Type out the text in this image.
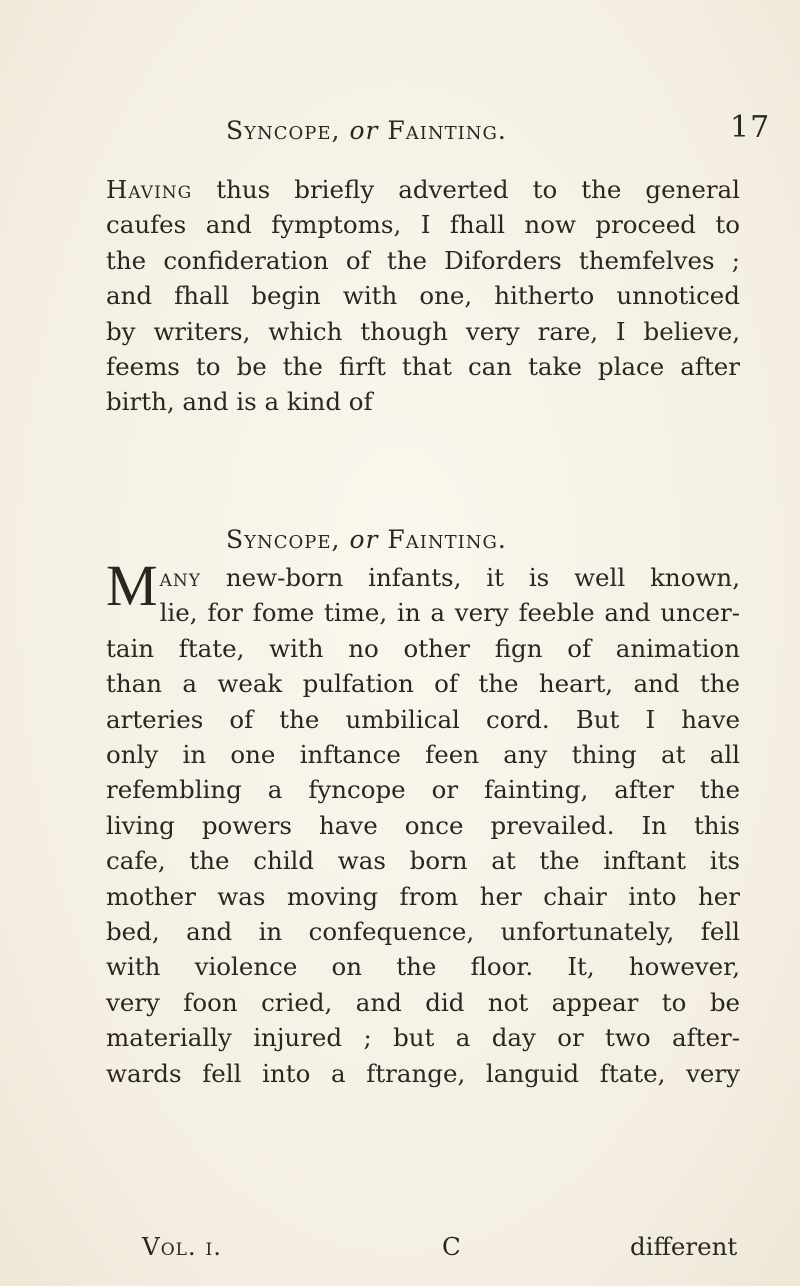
Syncope, or Fainting.	17
Having thus briefly adverted to the general
caufes and fymptoms, I fhall now proceed to
the confideration of the Diforders themfelves ;
and fhall begin with one, hitherto unnoticed
by writers, which though very rare, I believe,
feems to be the firft that can take place after
birth, and is a kind of
Syncope, or Fainting.
Many new-born infants, it is well known,
lie, for fome time, in a very feeble and uncer-
tain ftate, with no other fign of animation
than a weak pulfation of the heart, and the
arteries of the umbilical cord. But I have
only in one inftance feen any thing at all
refembling a fyncope or fainting, after the
living powers have once prevailed. In this
cafe, the child was born at the inftant its
mother was moving from her chair into her
bed, and in confequence, unfortunately, fell
with violence on the floor. It, however,
very foon cried, and did not appear to be
materially injured ; but a day or two after-
wards fell into a ftrange, languid ftate, very
Vol. i.	C	different
